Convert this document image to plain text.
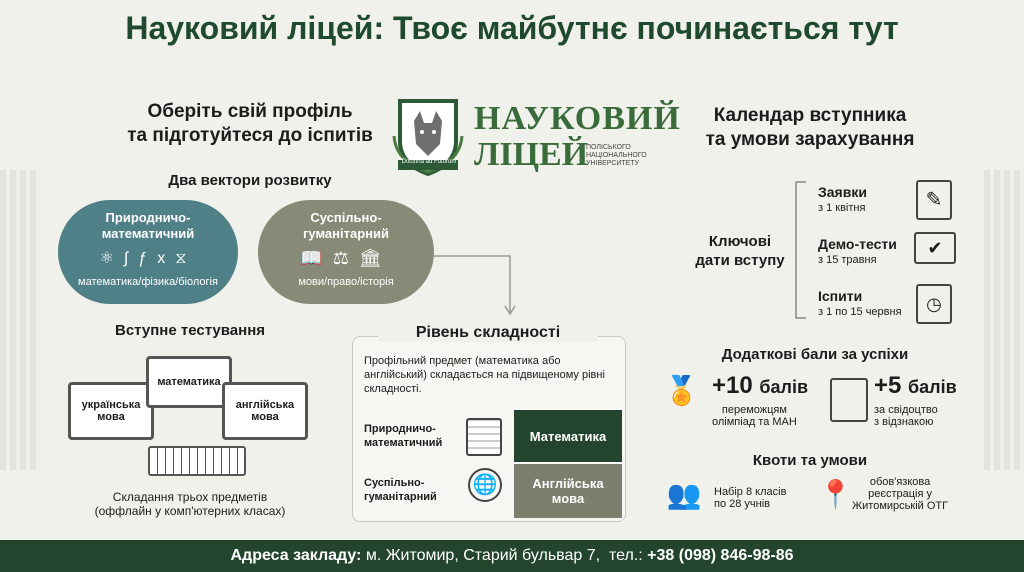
Науковий ліцей: Твоє майбутнє починається тут
Оберіть свій профіль
та підготуйтеся до іспитів
Doctrina ad Futurum
НАУКОВИЙ
ЛІЦЕЙ
ПОЛІСЬКОГО
НАЦІОНАЛЬНОГО
УНІВЕРСИТЕТУ
Календар вступника
та умови зарахування
Два вектори розвитку
Природничо-
математичний
⚛∫ƒx⧖
математика/фізика/біологія
Суспільно-
гуманітарний
📖⚖🏛
мови/право/історія
Вступне тестування
українська мова
математика
англійська мова
Складання трьох предметів
(оффлайн у комп'ютерних класах)
Рівень складності
Профільний предмет (математика або англійський) складається на підвищеному рівні складності.
Природничо-
математичний	Математика
Суспільно-
гуманітарний
🌐	Англійська
мова
Ключові
дати вступу
Заявки
з 1 квітня	✎
Демо-тести
з 15 травня
✔
Іспити
з 1 по 15 червня	◷
Додаткові бали за успіхи
🏅 +10 балів
переможцям
олімпіад та МАН
+5 балів
за свідоцтво
з відзнакою
Квоти та умови
👥	Набір 8 класів
по 28 учнів	📍	обов'язкова
реєстрація у
Житомирській ОТГ
Адреса закладу:
м. Житомир, Старий бульвар 7,
тел.:
+38 (098) 846-98-86
